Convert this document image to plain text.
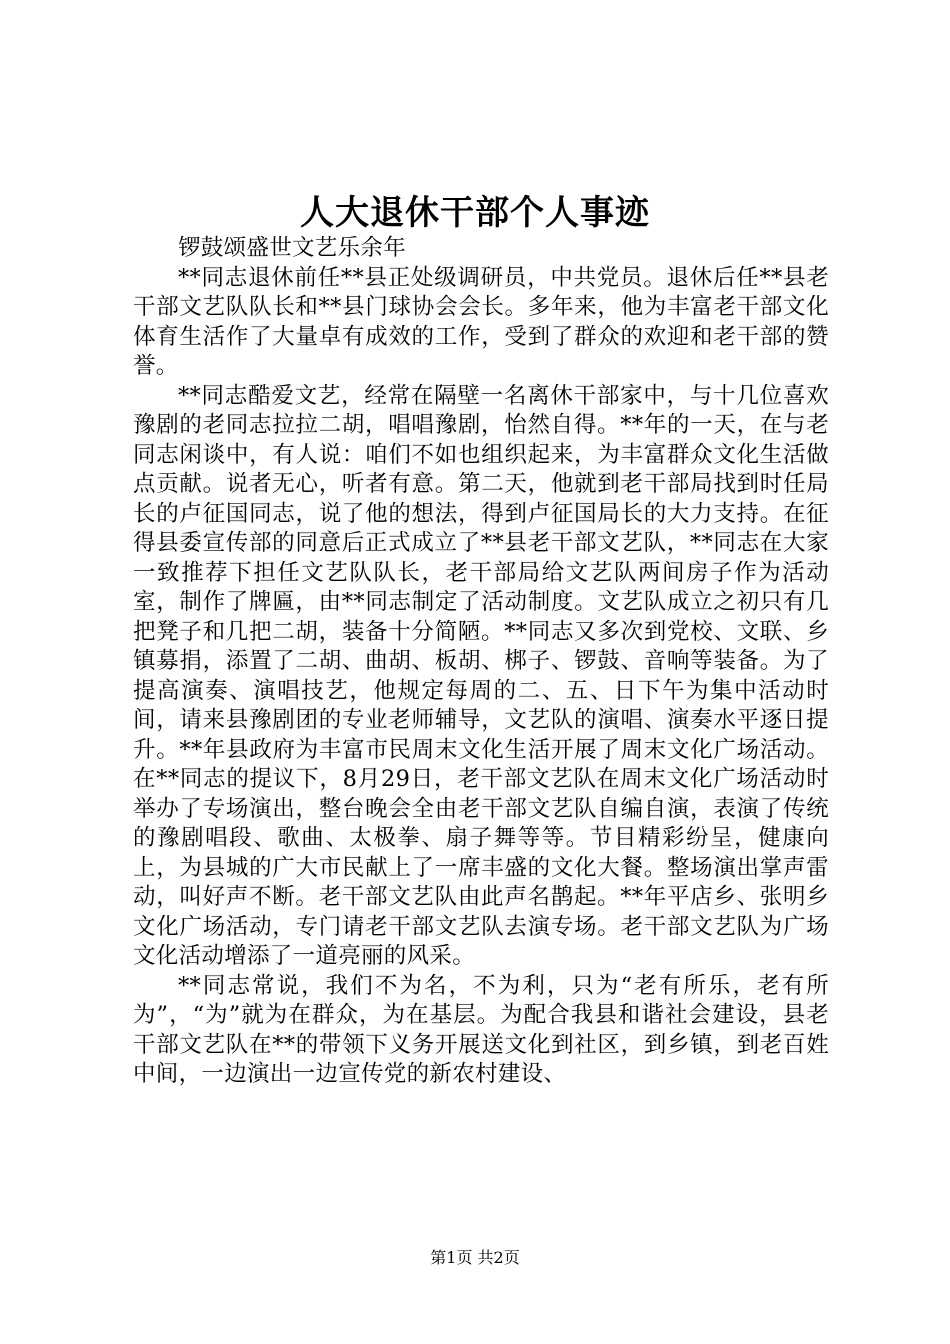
人大退休干部个人事迹

锣鼓颂盛世文艺乐余年

**同志退休前任**县正处级调研员，中共党员。退休后任**县老干部文艺队队长和**县门球协会会长。多年来，他为丰富老干部文化体育生活作了大量卓有成效的工作，受到了群众的欢迎和老干部的赞誉。

**同志酷爱文艺，经常在隔壁一名离休干部家中，与十几位喜欢豫剧的老同志拉拉二胡，唱唱豫剧，怡然自得。**年的一天，在与老同志闲谈中，有人说：咱们不如也组织起来，为丰富群众文化生活做点贡献。说者无心，听者有意。第二天，他就到老干部局找到时任局长的卢征国同志，说了他的想法，得到卢征国局长的大力支持。在征得县委宣传部的同意后正式成立了**县老干部文艺队，**同志在大家一致推荐下担任文艺队队长，老干部局给文艺队两间房子作为活动室，制作了牌匾，由**同志制定了活动制度。文艺队成立之初只有几把凳子和几把二胡，装备十分简陋。**同志又多次到党校、文联、乡镇募捐，添置了二胡、曲胡、板胡、梆子、锣鼓、音响等装备。为了提高演奏、演唱技艺，他规定每周的二、五、日下午为集中活动时间，请来县豫剧团的专业老师辅导，文艺队的演唱、演奏水平逐日提升。**年县政府为丰富市民周末文化生活开展了周末文化广场活动。在**同志的提议下，8月29日，老干部文艺队在周末文化广场活动时举办了专场演出，整台晚会全由老干部文艺队自编自演，表演了传统的豫剧唱段、歌曲、太极拳、扇子舞等等。节目精彩纷呈，健康向上，为县城的广大市民献上了一席丰盛的文化大餐。整场演出掌声雷动，叫好声不断。老干部文艺队由此声名鹊起。**年平店乡、张明乡文化广场活动，专门请老干部文艺队去演专场。老干部文艺队为广场文化活动增添了一道亮丽的风采。

**同志常说，我们不为名，不为利，只为“老有所乐，老有所为”，“为”就为在群众，为在基层。为配合我县和谐社会建设，县老干部文艺队在**的带领下义务开展送文化到社区，到乡镇，到老百姓中间，一边演出一边宣传党的新农村建设、

第1页 共2页
